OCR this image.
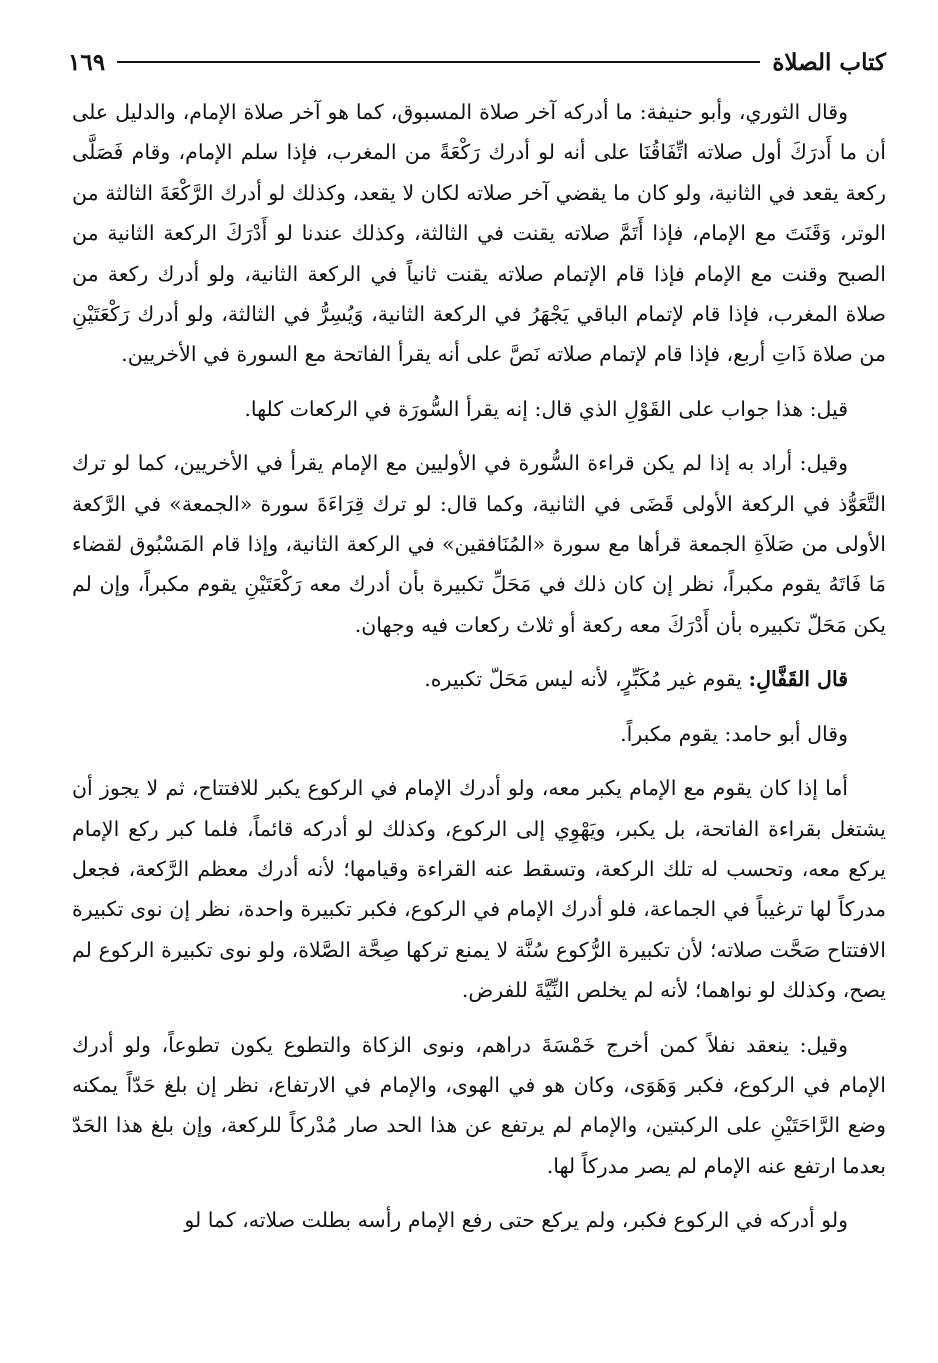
كتاب الصلاة
١٦٩

وقال الثوري، وأبو حنيفة: ما أدركه آخر صلاة المسبوق، كما هو آخر صلاة الإمام، والدليل على أن ما أَدرَكَ أول صلاته اتِّفَاقُنَا على أنه لو أدرك رَكْعَةً من المغرب، فإذا سلم الإمام، وقام فَصَلَّى ركعة يقعد في الثانية، ولو كان ما يقضي آخر صلاته لكان لا يقعد، وكذلك لو أدرك الرَّكْعَةَ الثالثة من الوتر، وَقَنَتَ مع الإمام، فإذا أَتَمَّ صلاته يقنت في الثالثة، وكذلك عندنا لو أَدْرَكَ الركعة الثانية من الصبح وقنت مع الإمام فإذا قام الإتمام صلاته يقنت ثانياً في الركعة الثانية، ولو أدرك ركعة من صلاة المغرب، فإذا قام لإتمام الباقي يَجْهَرُ في الركعة الثانية، وَيُسِرُّ في الثالثة، ولو أدرك رَكْعَتَيْنِ من صلاة ذَاتِ أربع، فإذا قام لإتمام صلاته نَصَّ على أنه يقرأ الفاتحة مع السورة في الأخريين.

قيل: هذا جواب على القَوْلِ الذي قال: إنه يقرأ السُّورَة في الركعات كلها.

وقيل: أراد به إذا لم يكن قراءة السُّورة في الأوليين مع الإمام يقرأ في الأخريين، كما لو ترك التَّعَوُّذ في الركعة الأولى قَضَى في الثانية، وكما قال: لو ترك قِرَاءَةَ سورة «الجمعة» في الرَّكعة الأولى من صَلاَةِ الجمعة قرأها مع سورة «المُنَافقين» في الركعة الثانية، وإذا قام المَسْبُوق لقضاء مَا فَاتَهُ يقوم مكبراً، نظر إن كان ذلك في مَحَلِّ تكبيرة بأن أدرك معه رَكْعَتَيْنِ يقوم مكبراً، وإن لم يكن مَحَلّ تكبيره بأن أَدْرَكَ معه ركعة أو ثلاث ركعات فيه وجهان.

قال القَفَّالِ: يقوم غير مُكَبِّرٍ، لأنه ليس مَحَلّ تكبيره.

وقال أبو حامد: يقوم مكبراً.

أما إذا كان يقوم مع الإمام يكبر معه، ولو أدرك الإمام في الركوع يكبر للافتتاح، ثم لا يجوز أن يشتغل بقراءة الفاتحة، بل يكبر، ويَهْوِي إلى الركوع، وكذلك لو أدركه قائماً، فلما كبر ركع الإمام يركع معه، وتحسب له تلك الركعة، وتسقط عنه القراءة وقيامها؛ لأنه أدرك معظم الرَّكعة، فجعل مدركاً لها ترغيباً في الجماعة، فلو أدرك الإمام في الركوع، فكبر تكبيرة واحدة، نظر إن نوى تكبيرة الافتتاح صَحَّت صلاته؛ لأن تكبيرة الرُّكوع سُنَّة لا يمنع تركها صِحَّة الصَّلاة، ولو نوى تكبيرة الركوع لم يصح، وكذلك لو نواهما؛ لأنه لم يخلص النِّيَّةَ للفرض.

وقيل: ينعقد نفلاً كمن أخرج خَمْسَةَ دراهم، ونوى الزكاة والتطوع يكون تطوعاً، ولو أدرك الإمام في الركوع، فكبر وَهَوَى، وكان هو في الهوى، والإمام في الارتفاع، نظر إن بلغ حَدّاً يمكنه وضع الرَّاحَتَيْنِ على الركبتين، والإمام لم يرتفع عن هذا الحد صار مُدْركاً للركعة، وإن بلغ هذا الحَدّ بعدما ارتفع عنه الإمام لم يصر مدركاً لها.

ولو أدركه في الركوع فكبر، ولم يركع حتى رفع الإمام رأسه بطلت صلاته، كما لو
